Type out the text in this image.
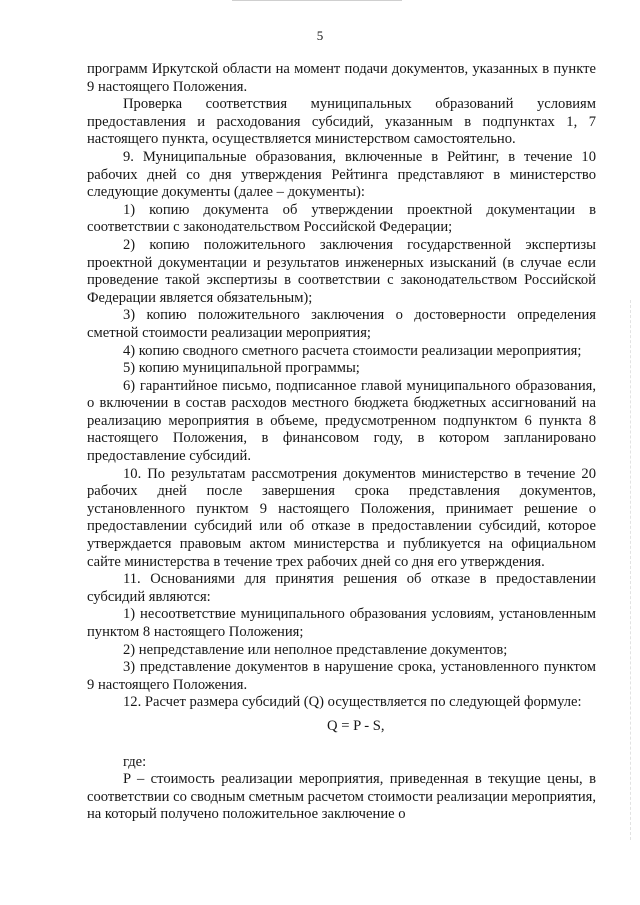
5

программ Иркутской области на момент подачи документов, указанных в пункте 9 настоящего Положения.

Проверка соответствия муниципальных образований условиям предоставления и расходования субсидий, указанным в подпунктах 1, 7 настоящего пункта, осуществляется министерством самостоятельно.

9. Муниципальные образования, включенные в Рейтинг, в течение 10 рабочих дней со дня утверждения Рейтинга представляют в министерство следующие документы (далее – документы):

1) копию документа об утверждении проектной документации в соответствии с законодательством Российской Федерации;

2) копию положительного заключения государственной экспертизы проектной документации и результатов инженерных изысканий (в случае если проведение такой экспертизы в соответствии с законодательством Российской Федерации является обязательным);

3) копию положительного заключения о достоверности определения сметной стоимости реализации мероприятия;

4) копию сводного сметного расчета стоимости реализации мероприятия;

5) копию муниципальной программы;

6) гарантийное письмо, подписанное главой муниципального образования, о включении в состав расходов местного бюджета бюджетных ассигнований на реализацию мероприятия в объеме, предусмотренном подпунктом 6 пункта 8 настоящего Положения, в финансовом году, в котором запланировано предоставление субсидий.

10. По результатам рассмотрения документов министерство в течение 20 рабочих дней после завершения срока представления документов, установленного пунктом 9 настоящего Положения, принимает решение о предоставлении субсидий или об отказе в предоставлении субсидий, которое утверждается правовым актом министерства и публикуется на официальном сайте министерства в течение трех рабочих дней со дня его утверждения.

11. Основаниями для принятия решения об отказе в предоставлении субсидий являются:

1) несоответствие муниципального образования условиям, установленным пунктом 8 настоящего Положения;

2) непредставление или неполное представление документов;

3) представление документов в нарушение срока, установленного пунктом 9 настоящего Положения.

12. Расчет размера субсидий (Q) осуществляется по следующей формуле:

Q = P - S,

где:

P – стоимость реализации мероприятия, приведенная в текущие цены, в соответствии со сводным сметным расчетом стоимости реализации мероприятия, на который получено положительное заключение о
